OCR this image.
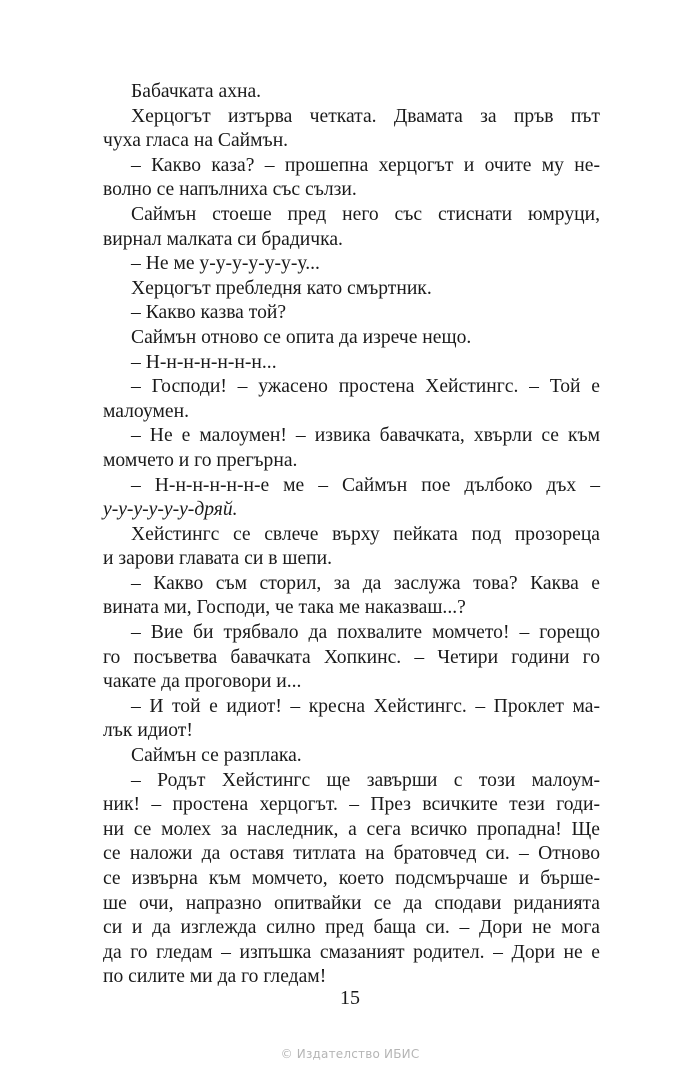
Бабачката ахна.
Херцогът изтърва четката. Двамата за пръв път
чуха гласа на Саймън.
– Какво каза? – прошепна херцогът и очите му не-
волно се напълниха със сълзи.
Саймън стоеше пред него със стиснати юмруци,
вирнал малката си брадичка.
– Не ме у-у-у-у-у-у-у...
Херцогът пребледня като смъртник.
– Какво казва той?
Саймън отново се опита да изрече нещо.
– Н-н-н-н-н-н-н...
– Господи! – ужасено простена Хейстингс. – Той е
малоумен.
– Не е малоумен! – извика бавачката, хвърли се към
момчето и го прегърна.
– Н-н-н-н-н-н-е ме – Саймън пое дълбоко дъх –
у-у-у-у-у-у-дряй.
Хейстингс се свлече върху пейката под прозореца
и зарови главата си в шепи.
– Какво съм сторил, за да заслужа това? Каква е
вината ми, Господи, че така ме наказваш...?
– Вие би трябвало да похвалите момчето! – горещо
го посъветва бавачката Хопкинс. – Четири години го
чакате да проговори и...
– И той е идиот! – кресна Хейстингс. – Проклет ма-
лък идиот!
Саймън се разплака.
– Родът Хейстингс ще завърши с този малоум-
ник! – простена херцогът. – През всичките тези годи-
ни се молех за наследник, а сега всичко пропадна! Ще
се наложи да оставя титлата на братовчед си. – Отново
се извърна към момчето, което подсмърчаше и бърше-
ше очи, напразно опитвайки се да сподави риданията
си и да изглежда силно пред баща си. – Дори не мога
да го гледам – изпъшка смазаният родител. – Дори не е
по силите ми да го гледам!
15
© Издателство ИБИС
